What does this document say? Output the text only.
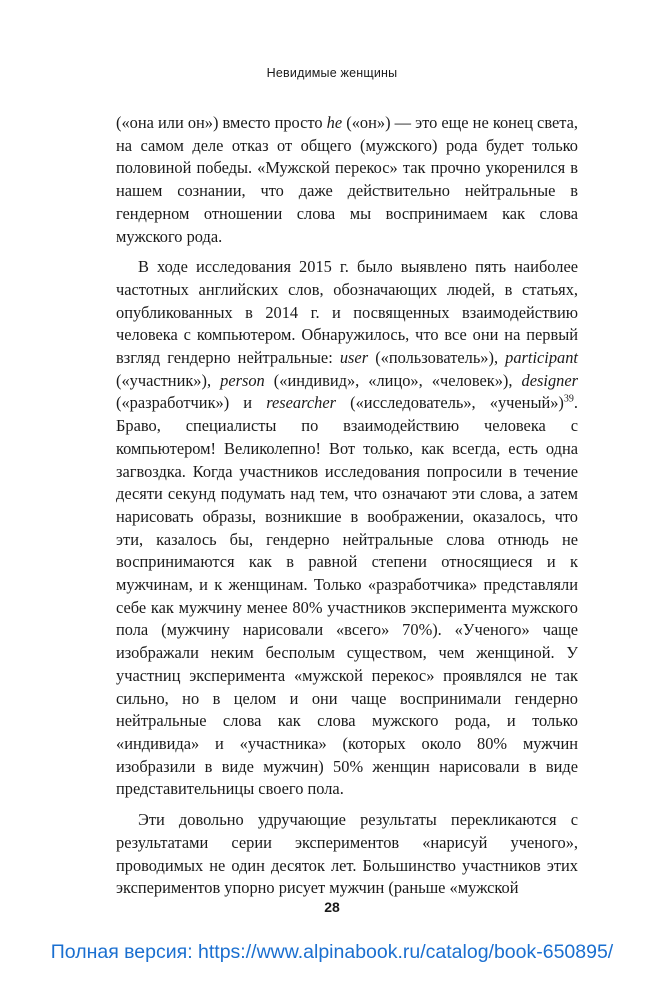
Невидимые женщины

(«она или он») вместо просто he («он») — это еще не конец света, на самом деле отказ от общего (мужского) рода будет только половиной победы. «Мужской перекос» так прочно укоренился в нашем сознании, что даже действительно нейтральные в гендерном отношении слова мы воспринимаем как слова мужского рода.

В ходе исследования 2015 г. было выявлено пять наиболее частотных английских слов, обозначающих людей, в статьях, опубликованных в 2014 г. и посвященных взаимодействию человека с компьютером. Обнаружилось, что все они на первый взгляд гендерно нейтральные: user («пользователь»), participant («участник»), person («индивид», «лицо», «человек»), designer («разработчик») и researcher («исследователь», «ученый»)$^{39}$. Браво, специалисты по взаимодействию человека с компьютером! Великолепно! Вот только, как всегда, есть одна загвоздка. Когда участников исследования попросили в течение десяти секунд подумать над тем, что означают эти слова, а затем нарисовать образы, возникшие в воображении, оказалось, что эти, казалось бы, гендерно нейтральные слова отнюдь не воспринимаются как в равной степени относящиеся и к мужчинам, и к женщинам. Только «разработчика» представляли себе как мужчину менее 80% участников эксперимента мужского пола (мужчину нарисовали «всего» 70%). «Ученого» чаще изображали неким бесполым существом, чем женщиной. У участниц эксперимента «мужской перекос» проявлялся не так сильно, но в целом и они чаще воспринимали гендерно нейтральные слова как слова мужского рода, и только «индивида» и «участника» (которых около 80% мужчин изобразили в виде мужчин) 50% женщин нарисовали в виде представительницы своего пола.

Эти довольно удручающие результаты перекликаются с результатами серии экспериментов «нарисуй ученого», проводимых не один десяток лет. Большинство участников этих экспериментов упорно рисует мужчин (раньше «мужской

28
Полная версия: https://www.alpinabook.ru/catalog/book-650895/
